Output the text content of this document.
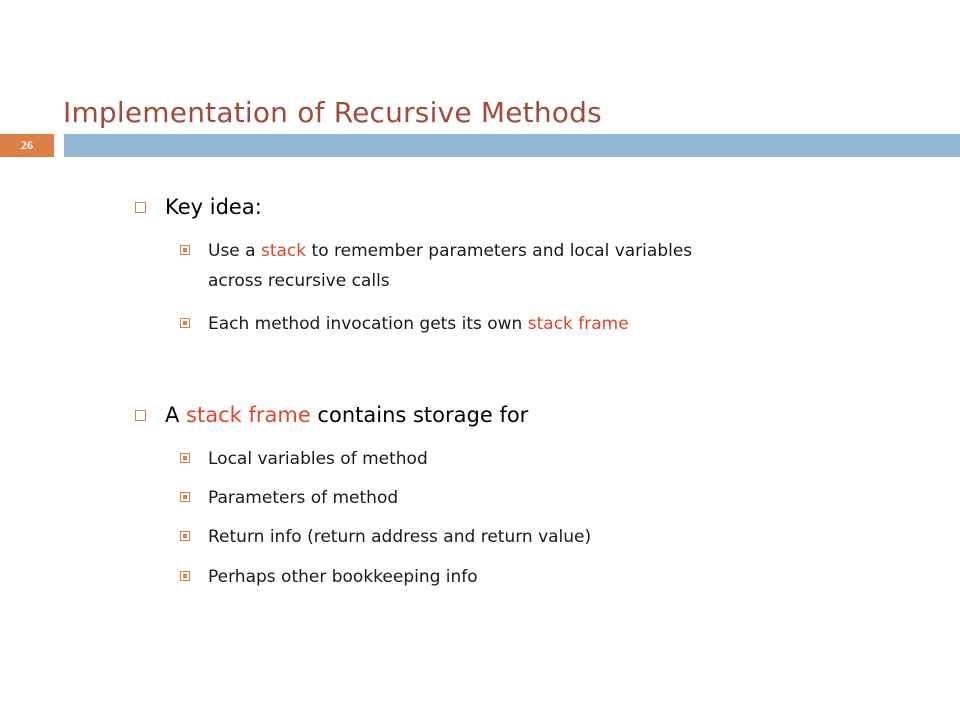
Implementation of Recursive Methods
26
Key idea:
Use a stack to remember parameters and local variables
across recursive calls
Each method invocation gets its own stack frame
A stack frame contains storage for
Local variables of method
Parameters of method
Return info (return address and return value)
Perhaps other bookkeeping info
